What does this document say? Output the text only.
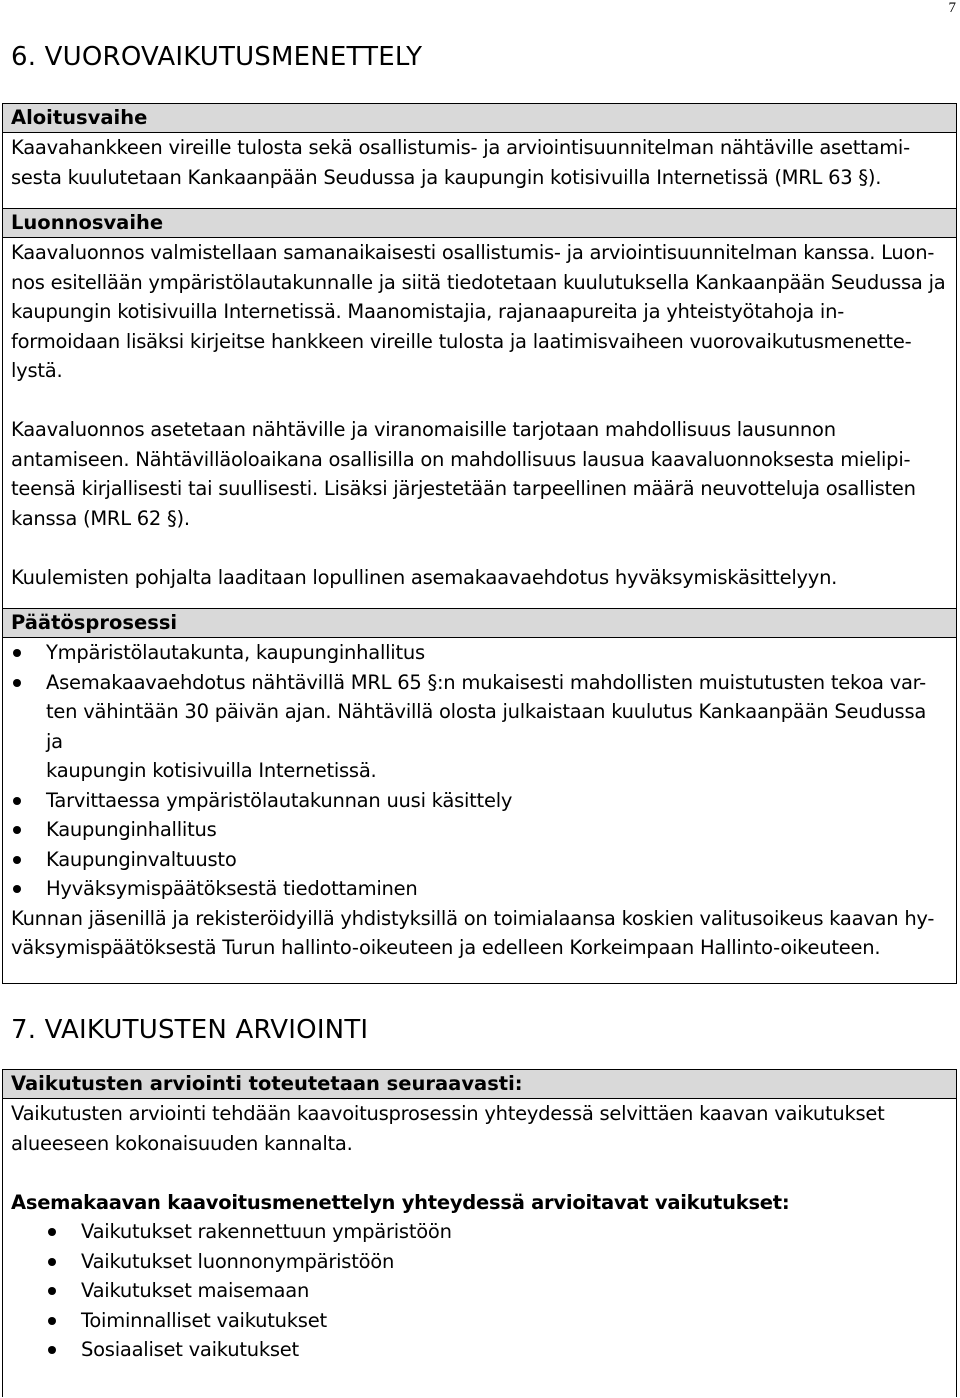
7
6. VUOROVAIKUTUSMENETTELY
Aloitusvaihe
Kaavahankkeen vireille tulosta sekä osallistumis- ja arviointisuunnitelman nähtäville asettami-
sesta kuulutetaan Kankaanpään Seudussa ja kaupungin kotisivuilla Internetissä (MRL 63 §).
Luonnosvaihe
Kaavaluonnos valmistellaan samanaikaisesti osallistumis- ja arviointisuunnitelman kanssa. Luon-
nos esitellään ympäristölautakunnalle ja siitä tiedotetaan kuulutuksella Kankaanpään Seudussa ja
kaupungin kotisivuilla Internetissä. Maanomistajia, rajanaapureita ja yhteistyötahoja in-
formoidaan lisäksi kirjeitse hankkeen vireille tulosta ja laatimisvaiheen vuorovaikutusmenette-
lystä.
Kaavaluonnos asetetaan nähtäville ja viranomaisille tarjotaan mahdollisuus lausunnon
antamiseen. Nähtävilläoloaikana osallisilla on mahdollisuus lausua kaavaluonnoksesta mielipi-
teensä kirjallisesti tai suullisesti. Lisäksi järjestetään tarpeellinen määrä neuvotteluja osallisten
kanssa (MRL 62 §).
Kuulemisten pohjalta laaditaan lopullinen asemakaavaehdotus hyväksymiskäsittelyyn.
Päätösprosessi
Ympäristölautakunta, kaupunginhallitus
Asemakaavaehdotus nähtävillä MRL 65 §:n mukaisesti mahdollisten muistutusten tekoa var-
ten vähintään 30 päivän ajan. Nähtävillä olosta julkaistaan kuulutus Kankaanpään Seudussa ja
kaupungin kotisivuilla Internetissä.
Tarvittaessa ympäristölautakunnan uusi käsittely
Kaupunginhallitus
Kaupunginvaltuusto
Hyväksymispäätöksestä tiedottaminen
Kunnan jäsenillä ja rekisteröidyillä yhdistyksillä on toimialaansa koskien valitusoikeus kaavan hy-
väksymispäätöksestä Turun hallinto-oikeuteen ja edelleen Korkeimpaan Hallinto-oikeuteen.
7. VAIKUTUSTEN ARVIOINTI
Vaikutusten arviointi toteutetaan seuraavasti:
Vaikutusten arviointi tehdään kaavoitusprosessin yhteydessä selvittäen kaavan vaikutukset
alueeseen kokonaisuuden kannalta.
Asemakaavan kaavoitusmenettelyn yhteydessä arvioitavat vaikutukset:
Vaikutukset rakennettuun ympäristöön
Vaikutukset luonnonympäristöön
Vaikutukset maisemaan
Toiminnalliset vaikutukset
Sosiaaliset vaikutukset
